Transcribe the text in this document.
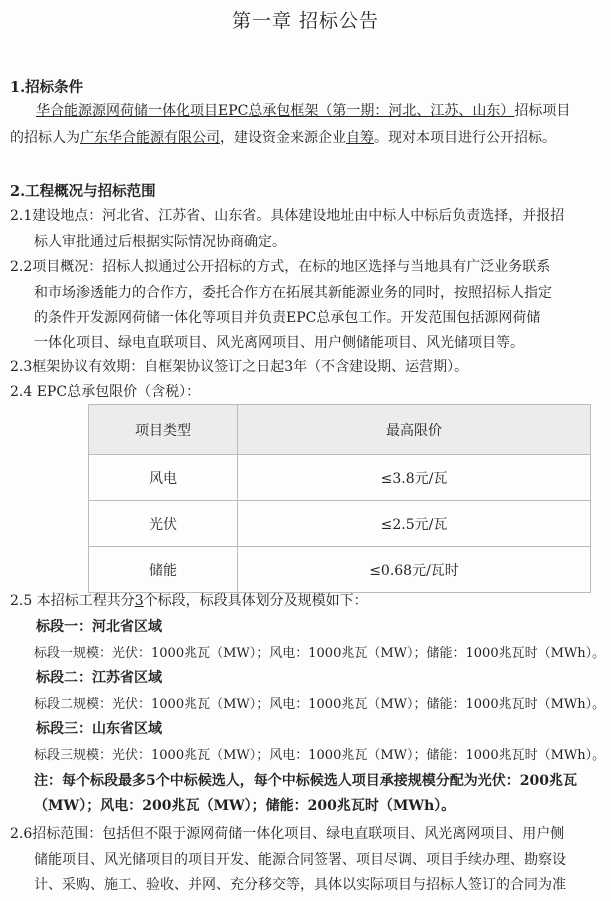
第一章 招标公告
1.招标条件
华合能源源网荷储一体化项目EPC总承包框架（第一期：河北、江苏、山东）招标项目
的招标人为广东华合能源有限公司，建设资金来源企业自筹。现对本项目进行公开招标。
2.工程概况与招标范围
2.1建设地点：河北省、江苏省、山东省。具体建设地址由中标人中标后负责选择，并报招
标人审批通过后根据实际情况协商确定。
2.2项目概况：招标人拟通过公开招标的方式，在标的地区选择与当地具有广泛业务联系
和市场渗透能力的合作方，委托合作方在拓展其新能源业务的同时，按照招标人指定
的条件开发源网荷储一体化等项目并负责EPC总承包工作。开发范围包括源网荷储
一体化项目、绿电直联项目、风光离网项目、用户侧储能项目、风光储项目等。
2.3框架协议有效期：自框架协议签订之日起3年（不含建设期、运营期）。
2.4 EPC总承包限价（含税）：
项目类型	最高限价
风电	≤3.8元/瓦
光伏	≤2.5元/瓦
储能	≤0.68元/瓦时
2.5 本招标工程共分3个标段，标段具体划分及规模如下：
标段一：河北省区域
标段一规模：光伏：1000兆瓦（MW）；风电：1000兆瓦（MW）；储能：1000兆瓦时（MWh）。
标段二：江苏省区域
标段二规模：光伏：1000兆瓦（MW）；风电：1000兆瓦（MW）；储能：1000兆瓦时（MWh）。
标段三：山东省区域
标段三规模：光伏：1000兆瓦（MW）；风电：1000兆瓦（MW）；储能：1000兆瓦时（MWh）。
注：每个标段最多5个中标候选人，每个中标候选人项目承接规模分配为光伏：200兆瓦
（MW）；风电：200兆瓦（MW）；储能：200兆瓦时（MWh）。
2.6招标范围：包括但不限于源网荷储一体化项目、绿电直联项目、风光离网项目、用户侧
储能项目、风光储项目的项目开发、能源合同签署、项目尽调、项目手续办理、勘察设
计、采购、施工、验收、并网、充分移交等，具体以实际项目与招标人签订的合同为准
